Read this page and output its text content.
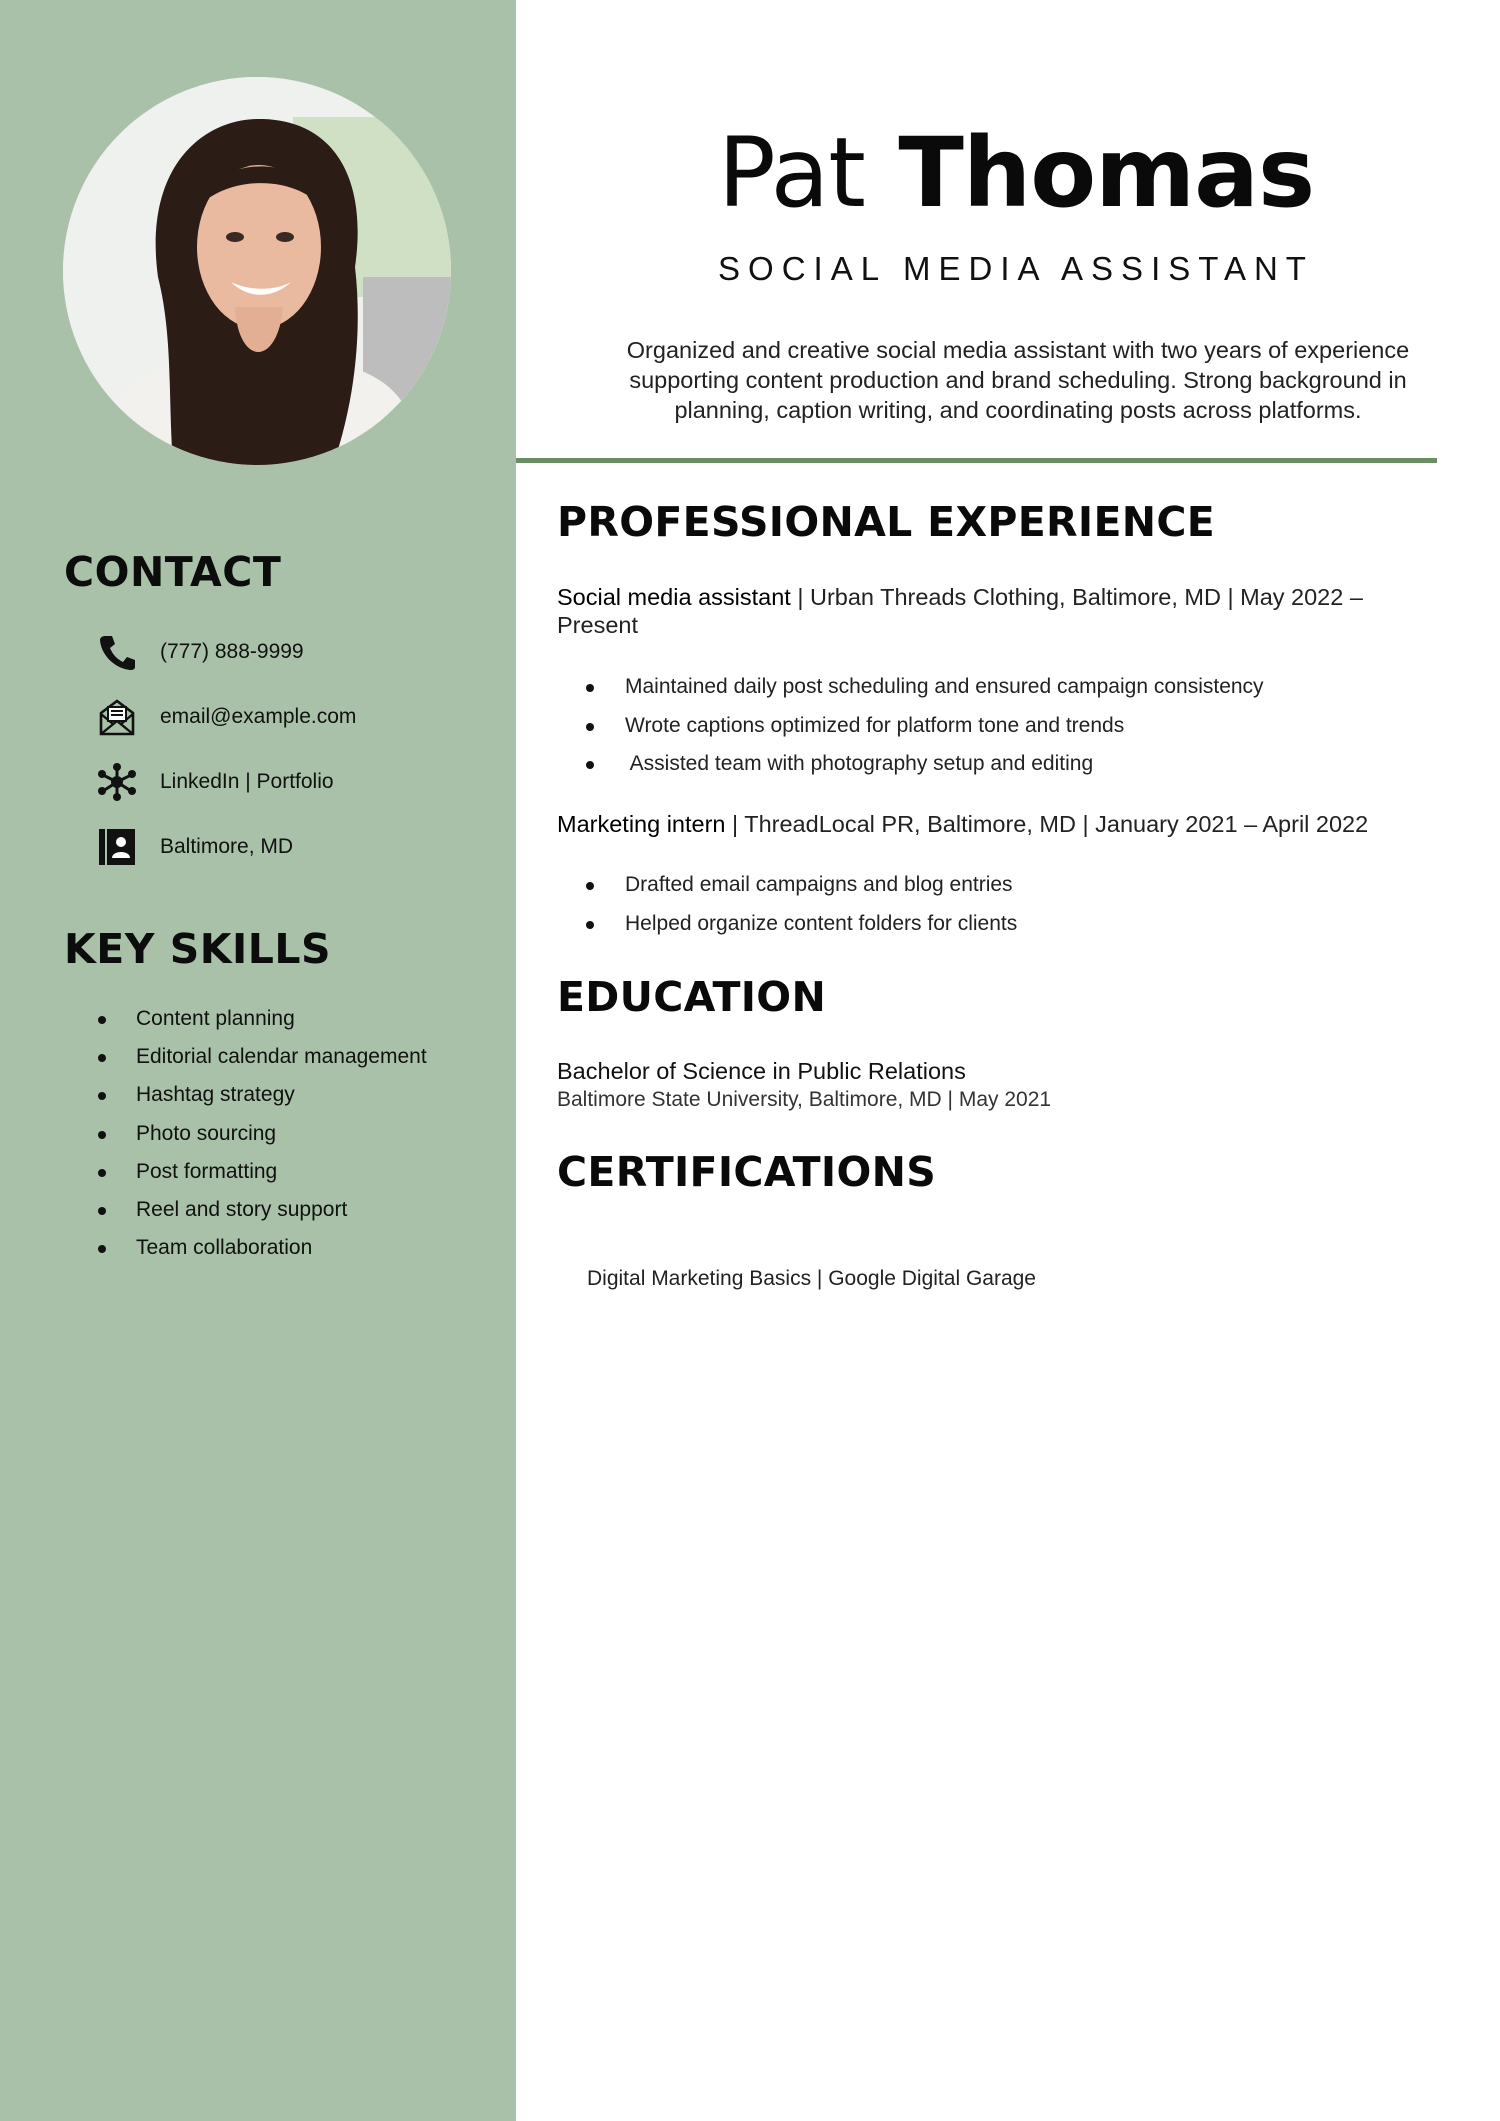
CONTACT
(777) 888-9999
email@example.com
LinkedIn | Portfolio
Baltimore, MD
KEY SKILLS
Content planning
Editorial calendar management
Hashtag strategy
Photo sourcing
Post formatting
Reel and story support
Team collaboration
Pat Thomas
SOCIAL MEDIA ASSISTANT
Organized and creative social media assistant with two years of experience supporting content production and brand scheduling. Strong background in planning, caption writing, and coordinating posts across platforms.
PROFESSIONAL EXPERIENCE
Social media assistant | Urban Threads Clothing, Baltimore, MD | May 2022 – Present
Maintained daily post scheduling and ensured campaign consistency
Wrote captions optimized for platform tone and trends
Assisted team with photography setup and editing
Marketing intern | ThreadLocal PR, Baltimore, MD | January 2021 – April 2022
Drafted email campaigns and blog entries
Helped organize content folders for clients
EDUCATION
Bachelor of Science in Public Relations
Baltimore State University, Baltimore, MD | May 2021
CERTIFICATIONS
Digital Marketing Basics | Google Digital Garage
